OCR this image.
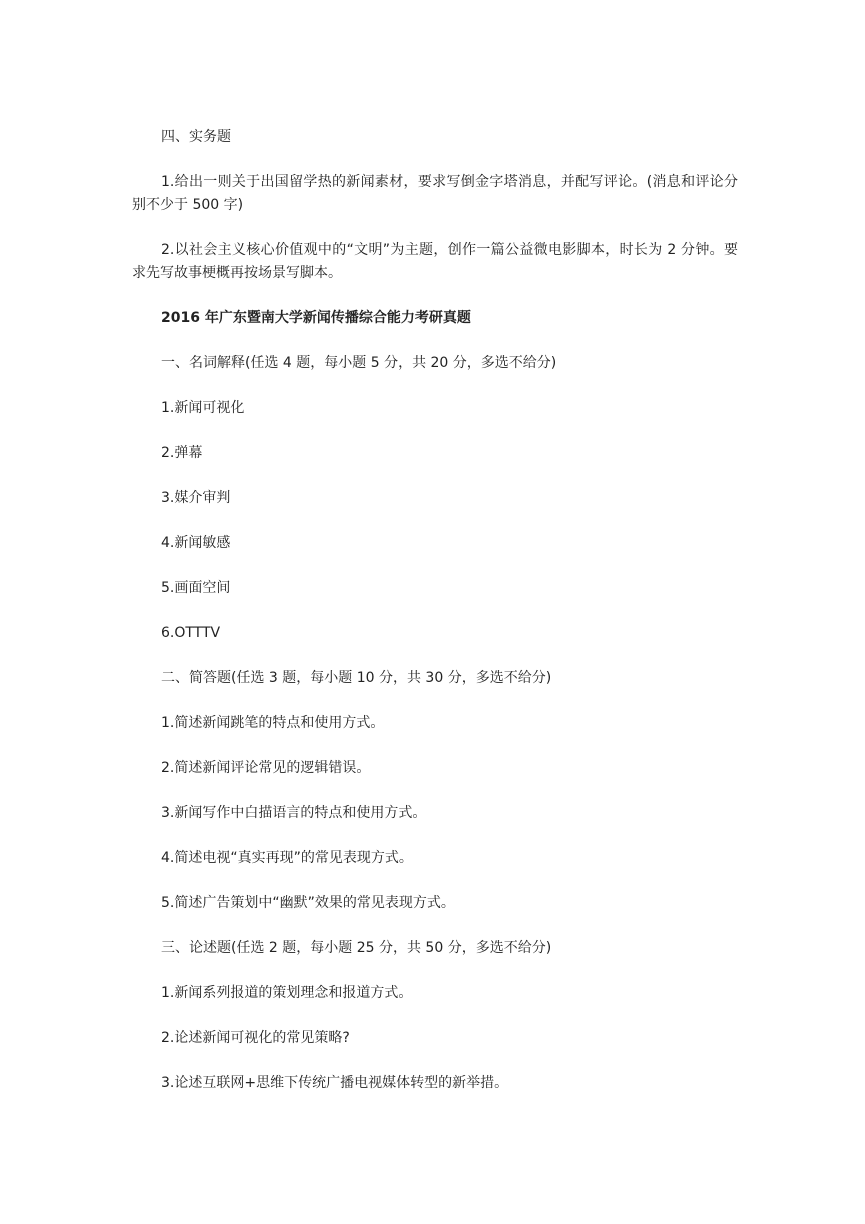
四、实务题

1.给出一则关于出国留学热的新闻素材，要求写倒金字塔消息，并配写评论。(消息和评论分别不少于 500 字)

2.以社会主义核心价值观中的“文明”为主题，创作一篇公益微电影脚本，时长为 2 分钟。要求先写故事梗概再按场景写脚本。

2016 年广东暨南大学新闻传播综合能力考研真题

一、名词解释(任选 4 题，每小题 5 分，共 20 分，多选不给分)

1.新闻可视化

2.弹幕

3.媒介审判

4.新闻敏感

5.画面空间

6.OTTTV

二、简答题(任选 3 题，每小题 10 分，共 30 分，多选不给分)

1.简述新闻跳笔的特点和使用方式。

2.简述新闻评论常见的逻辑错误。

3.新闻写作中白描语言的特点和使用方式。

4.简述电视“真实再现”的常见表现方式。

5.简述广告策划中“幽默”效果的常见表现方式。

三、论述题(任选 2 题，每小题 25 分，共 50 分，多选不给分)

1.新闻系列报道的策划理念和报道方式。

2.论述新闻可视化的常见策略?

3.论述互联网+思维下传统广播电视媒体转型的新举措。
